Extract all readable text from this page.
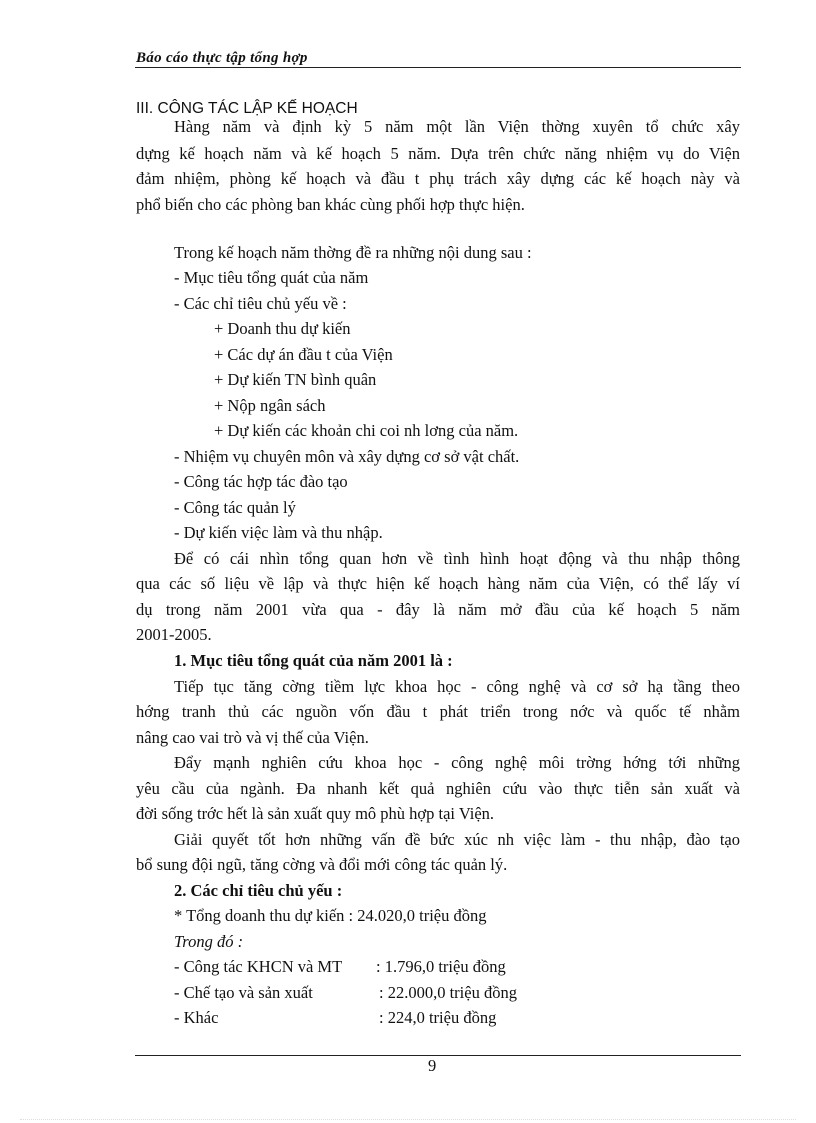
Báo cáo thực tập tổng hợp
III. CÔNG TÁC LẬP KẾ HOẠCH
Hàng năm và định kỳ 5 năm một lần Viện thờng xuyên tổ chức xây
dựng kế hoạch năm và kế hoạch 5 năm. Dựa trên chức năng nhiệm vụ do Viện
đảm nhiệm, phòng kế hoạch và đầu t phụ trách xây dựng các kế hoạch này và
phổ biến cho các phòng ban khác cùng phối hợp thực hiện.
Trong kế hoạch năm thờng đề ra những nội dung sau :
- Mục tiêu tổng quát của năm
- Các chỉ tiêu chủ yếu về :
+ Doanh thu dự kiến
+ Các dự án đầu t của Viện
+ Dự kiến TN bình quân
+ Nộp ngân sách
+ Dự kiến các khoản chi coi nh lơng của năm.
- Nhiệm vụ chuyên môn và xây dựng cơ sở vật chất.
- Công tác hợp tác đào tạo
- Công tác quản lý
- Dự kiến việc làm và thu nhập.
Để có cái nhìn tổng quan hơn về tình hình hoạt động và thu nhập thông
qua các số liệu về lập và thực hiện kế hoạch hàng năm của Viện, có thể lấy ví
dụ trong năm 2001 vừa qua - đây là năm mở đầu của kế hoạch 5 năm
2001-2005.
1. Mục tiêu tổng quát của năm 2001 là :
Tiếp tục tăng cờng tiềm lực khoa học - công nghệ và cơ sở hạ tầng theo
hớng tranh thủ các nguồn vốn đầu t phát triển trong nớc và quốc tế nhằm
nâng cao vai trò và vị thế của Viện.
Đẩy mạnh nghiên cứu khoa học - công nghệ môi trờng hớng tới những
yêu cầu của ngành. Đa nhanh kết quả nghiên cứu vào thực tiễn sản xuất và
đời sống trớc hết là sản xuất quy mô phù hợp tại Viện.
Giải quyết tốt hơn những vấn đề bức xúc nh việc làm - thu nhập, đào tạo
bổ sung đội ngũ, tăng cờng và đổi mới công tác quản lý.
2. Các chỉ tiêu chủ yếu :
* Tổng doanh thu dự kiến : 24.020,0 triệu đồng
Trong đó :
- Công tác KHCN và MT : 1.796,0 triệu đồng
- Chế tạo và sản xuất	: 22.000,0 triệu đồng
- Khác	: 224,0 triệu đồng
9
